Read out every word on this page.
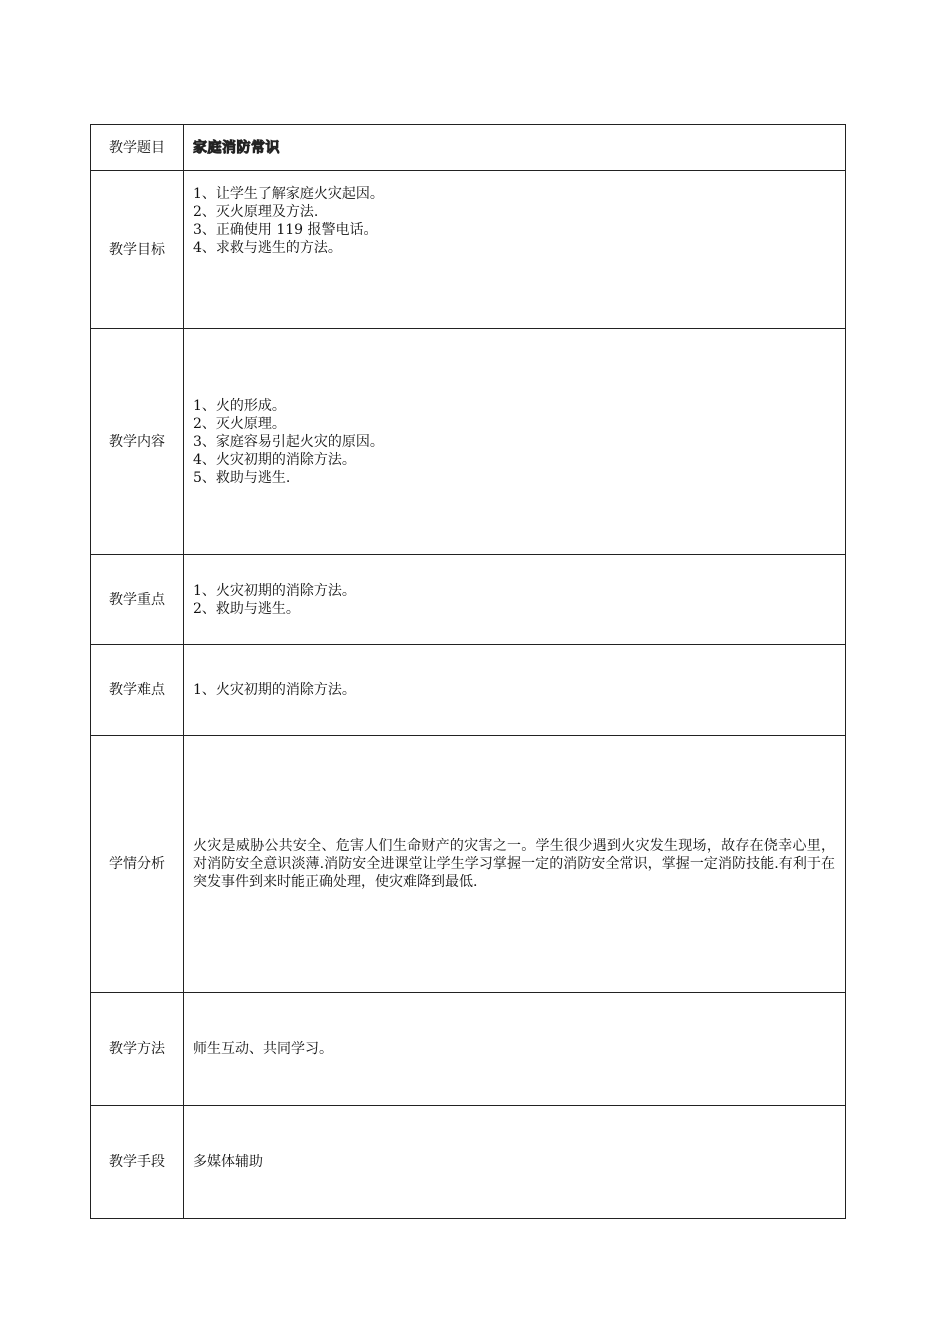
教学题目	家庭消防常识

教学目标	1、让学生了解家庭火灾起因。
2、灭火原理及方法.
3、正确使用 119 报警电话。
4、求救与逃生的方法。

教学内容	1、火的形成。
2、灭火原理。
3、家庭容易引起火灾的原因。
4、火灾初期的消除方法。
5、救助与逃生.

教学重点	1、火灾初期的消除方法。
2、救助与逃生。

教学难点	1、火灾初期的消除方法。

学情分析	火灾是威胁公共安全、危害人们生命财产的灾害之一。学生很少遇到火灾发生现场，故存在侥幸心里，对消防安全意识淡薄.消防安全进课堂让学生学习掌握一定的消防安全常识，掌握一定消防技能.有利于在突发事件到来时能正确处理，使灾难降到最低.

教学方法	师生互动、共同学习。

教学手段	多媒体辅助
